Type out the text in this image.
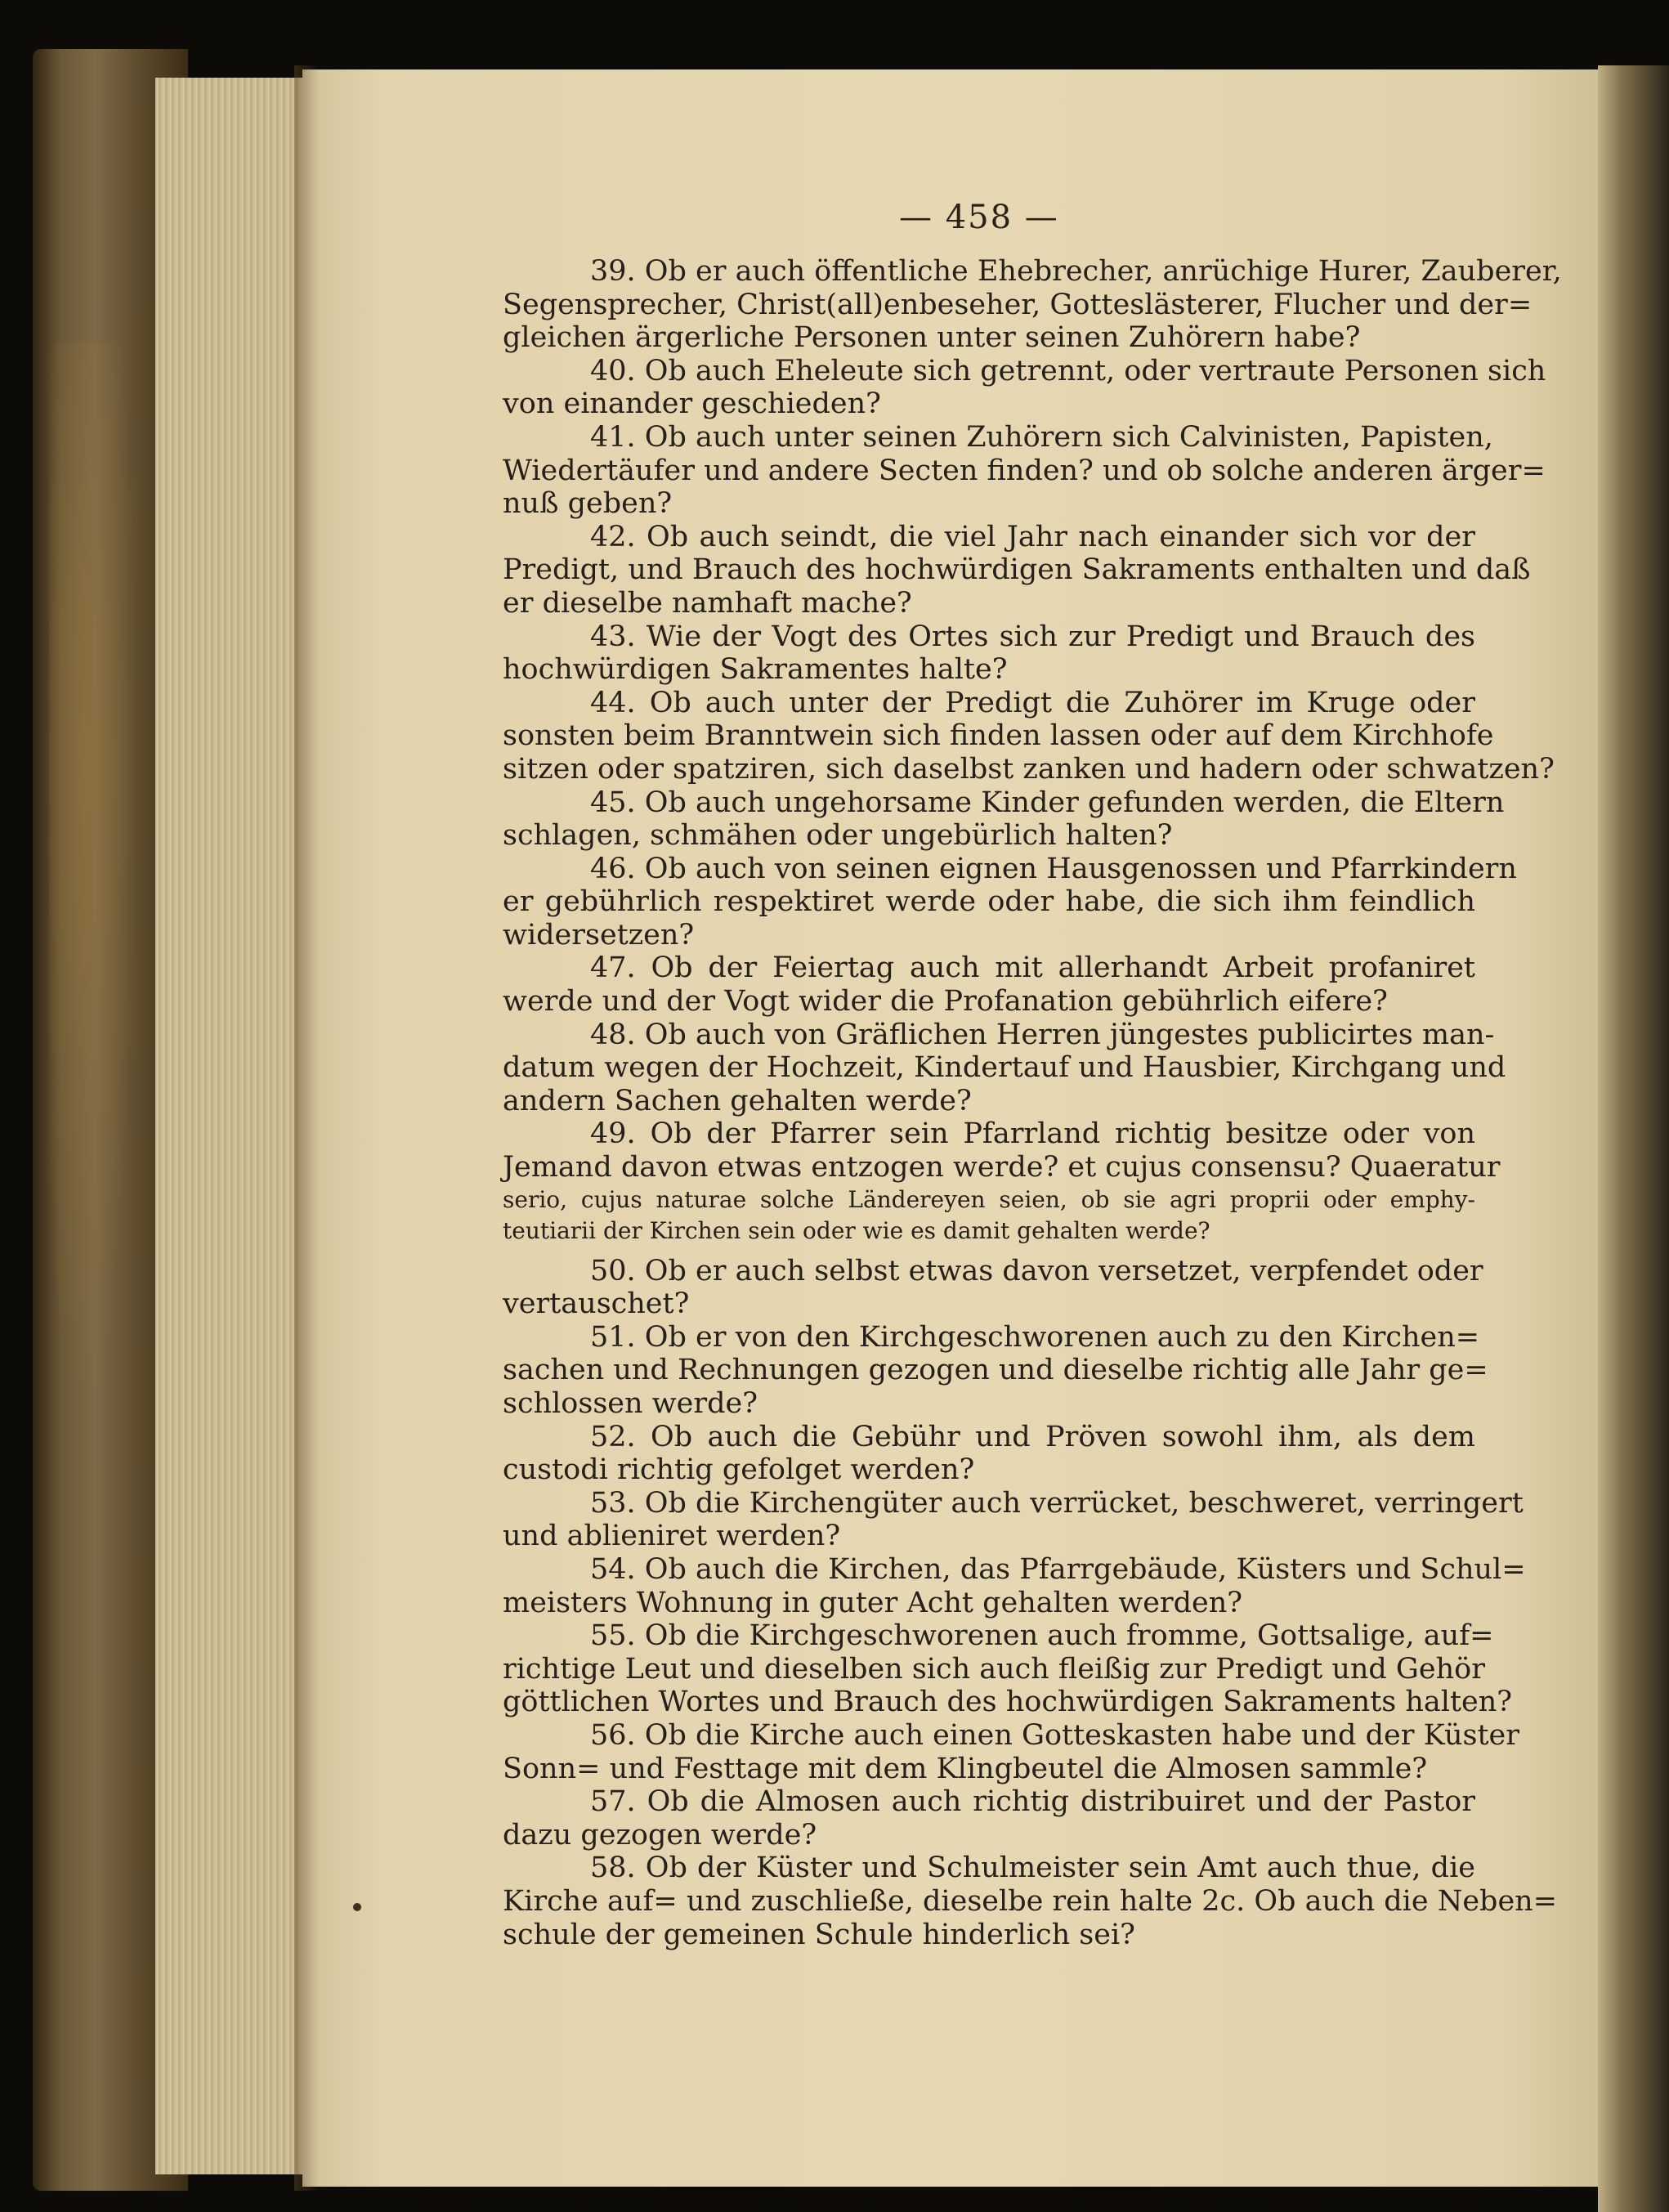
— 458 —
39. Ob er auch öffentliche Ehebrecher, anrüchige Hurer, Zauberer,
Segensprecher, Christ(all)enbeseher, Gotteslästerer, Flucher und der=
gleichen ärgerliche Personen unter seinen Zuhörern habe?
40. Ob auch Eheleute sich getrennt, oder vertraute Personen sich
von einander geschieden?
41. Ob auch unter seinen Zuhörern sich Calvinisten, Papisten,
Wiedertäufer und andere Secten finden? und ob solche anderen ärger=
nuß geben?
42. Ob auch seindt, die viel Jahr nach einander sich vor der
Predigt, und Brauch des hochwürdigen Sakraments enthalten und daß
er dieselbe namhaft mache?
43. Wie der Vogt des Ortes sich zur Predigt und Brauch des
hochwürdigen Sakramentes halte?
44. Ob auch unter der Predigt die Zuhörer im Kruge oder
sonsten beim Branntwein sich finden lassen oder auf dem Kirchhofe
sitzen oder spatziren, sich daselbst zanken und hadern oder schwatzen?
45. Ob auch ungehorsame Kinder gefunden werden, die Eltern
schlagen, schmähen oder ungebürlich halten?
46. Ob auch von seinen eignen Hausgenossen und Pfarrkindern
er gebührlich respektiret werde oder habe, die sich ihm feindlich
widersetzen?
47. Ob der Feiertag auch mit allerhandt Arbeit profaniret
werde und der Vogt wider die Profanation gebührlich eifere?
48. Ob auch von Gräflichen Herren jüngestes publicirtes man-
datum wegen der Hochzeit, Kindertauf und Hausbier, Kirchgang und
andern Sachen gehalten werde?
49. Ob der Pfarrer sein Pfarrland richtig besitze oder von
Jemand davon etwas entzogen werde? et cujus consensu? Quaeratur
serio, cujus naturae solche Ländereyen seien, ob sie agri proprii oder emphy-
teutiarii der Kirchen sein oder wie es damit gehalten werde?
50. Ob er auch selbst etwas davon versetzet, verpfendet oder
vertauschet?
51. Ob er von den Kirchgeschworenen auch zu den Kirchen=
sachen und Rechnungen gezogen und dieselbe richtig alle Jahr ge=
schlossen werde?
52. Ob auch die Gebühr und Pröven sowohl ihm, als dem
custodi richtig gefolget werden?
53. Ob die Kirchengüter auch verrücket, beschweret, verringert
und ablieniret werden?
54. Ob auch die Kirchen, das Pfarrgebäude, Küsters und Schul=
meisters Wohnung in guter Acht gehalten werden?
55. Ob die Kirchgeschworenen auch fromme, Gottsalige, auf=
richtige Leut und dieselben sich auch fleißig zur Predigt und Gehör
göttlichen Wortes und Brauch des hochwürdigen Sakraments halten?
56. Ob die Kirche auch einen Gotteskasten habe und der Küster
Sonn= und Festtage mit dem Klingbeutel die Almosen sammle?
57. Ob die Almosen auch richtig distribuiret und der Pastor
dazu gezogen werde?
58. Ob der Küster und Schulmeister sein Amt auch thue, die
Kirche auf= und zuschließe, dieselbe rein halte 2c. Ob auch die Neben=
schule der gemeinen Schule hinderlich sei?
